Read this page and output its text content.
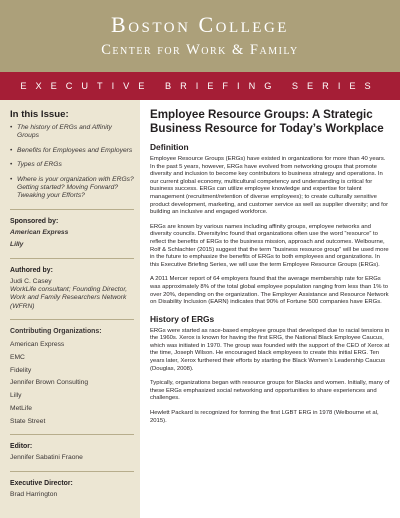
Boston College
Center for Work & Family
EXECUTIVE BRIEFING SERIES
In this Issue:
• The history of ERGs and Affinity Groups
• Benefits for Employees and Employers
• Types of ERGs
• Where is your organization with ERGs? Getting started? Moving Forward? Tweaking your Efforts?
Sponsored by:
American Express
Lilly
Authored by:
Judi C. Casey
WorkLife consultant; Founding Director, Work and Family Researchers Network (WFRN)
Contributing Organizations:
American Express
EMC
Fidelity
Jennifer Brown Consulting
Lilly
MetLife
State Street
Editor:
Jennifer Sabatini Fraone
Executive Director:
Brad Harrington
Employee Resource Groups: A Strategic Business Resource for Today’s Workplace
Definition

Employee Resource Groups (ERGs) have existed in organizations for more than 40 years. In the past 5 years, however, ERGs have evolved from networking groups that promote diversity and inclusion to become key contributors to business strategy and operations. In our current global economy, multicultural competency and understanding is critical for business success. ERGs can utilize employee knowledge and expertise for talent management (recruitment/retention of diverse employees); to create culturally sensitive product development, marketing, and customer service as well as supplier diversity; and for building an inclusive and engaged workforce.

ERGs are known by various names including affinity groups, employee networks and diversity councils. DiversityInc found that organizations often use the word “resource” to reflect the benefits of ERGs to the business mission, approach and outcomes. Welbourne, Rolf & Schlachter (2015) suggest that the term “business resource group” will be used more in the future to emphasize the benefits of ERGs to both employees and organizations. In this Executive Briefing Series, we will use the term Employee Resource Groups (ERGs).

A 2011 Mercer report of 64 employers found that the average membership rate for ERGs was approximately 8% of the total global employee population ranging from less than 1% to over 20%, depending on the organization. The Employer Assistance and Resource Network on Disability Inclusion (EARN) indicates that 90% of Fortune 500 companies have ERGs.

History of ERGs

ERGs were started as race-based employee groups that developed due to racial tensions in the 1960s. Xerox is known for having the first ERG, the National Black Employee Caucus, which was initiated in 1970. The group was founded with the support of the CEO of Xerox at the time, Joseph Wilson. He encouraged black employees to create this initial ERG. Ten years later, Xerox furthered their efforts by starting the Black Women’s Leadership Caucus (Douglas, 2008).

Typically, organizations began with resource groups for Blacks and women. Initially, many of these ERGs emphasized social networking and opportunities to share experiences and challenges.

Hewlett Packard is recognized for forming the first LGBT ERG in 1978 (Welbourne et al, 2015).
